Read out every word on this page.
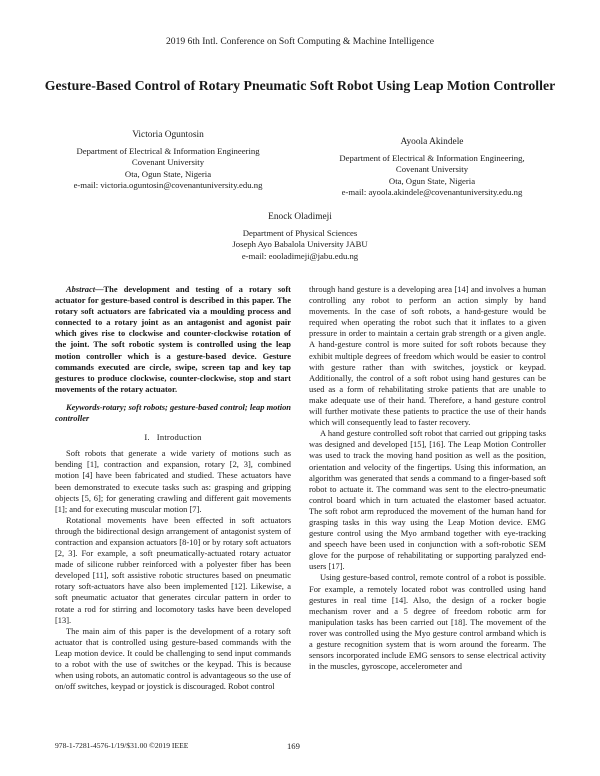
2019 6th Intl. Conference on Soft Computing & Machine Intelligence
Gesture-Based Control of Rotary Pneumatic Soft Robot Using Leap Motion Controller
Victoria Oguntosin
Department of Electrical & Information Engineering
Covenant University
Ota, Ogun State, Nigeria
e-mail: victoria.oguntosin@covenantuniversity.edu.ng
Ayoola Akindele
Department of Electrical & Information Engineering,
Covenant University
Ota, Ogun State, Nigeria
e-mail: ayoola.akindele@covenantuniversity.edu.ng
Enock Oladimeji
Department of Physical Sciences
Joseph Ayo Babalola University JABU
e-mail: eooladimeji@jabu.edu.ng

Abstract—The development and testing of a rotary soft actuator for gesture-based control is described in this paper. The rotary soft actuators are fabricated via a moulding process and connected to a rotary joint as an antagonist and agonist pair which gives rise to clockwise and counter-clockwise rotation of the joint. The soft robotic system is controlled using the leap motion controller which is a gesture-based device. Gesture commands executed are circle, swipe, screen tap and key tap gestures to produce clockwise, counter-clockwise, stop and start movements of the rotary actuator.

Keywords-rotary; soft robots; gesture-based control; leap motion controller

I. Introduction

Soft robots that generate a wide variety of motions such as bending [1], contraction and expansion, rotary [2, 3], combined motion [4] have been fabricated and studied. These actuators have been demonstrated to execute tasks such as: grasping and gripping objects [5, 6]; for generating crawling and different gait movements [1]; and for executing muscular motion [7].

Rotational movements have been effected in soft actuators through the bidirectional design arrangement of antagonist system of contraction and expansion actuators [8-10] or by rotary soft actuators [2, 3]. For example, a soft pneumatically-actuated rotary actuator made of silicone rubber reinforced with a polyester fiber has been developed [11], soft assistive robotic structures based on pneumatic rotary soft-actuators have also been implemented [12]. Likewise, a soft pneumatic actuator that generates circular pattern in order to rotate a rod for stirring and locomotory tasks have been developed [13].

The main aim of this paper is the development of a rotary soft actuator that is controlled using gesture-based commands with the Leap motion device. It could be challenging to send input commands to a robot with the use of switches or the keypad. This is because when using robots, an automatic control is advantageous so the use of on/off switches, keypad or joystick is discouraged. Robot control

through hand gesture is a developing area [14] and involves a human controlling any robot to perform an action simply by hand movements. In the case of soft robots, a hand-gesture would be required when operating the robot such that it inflates to a given pressure in order to maintain a certain grab strength or a given angle. A hand-gesture control is more suited for soft robots because they exhibit multiple degrees of freedom which would be easier to control with gesture rather than with switches, joystick or keypad. Additionally, the control of a soft robot using hand gestures can be used as a form of rehabilitating stroke patients that are unable to make adequate use of their hand. Therefore, a hand gesture control will further motivate these patients to practice the use of their hands which will consequently lead to faster recovery.

A hand gesture controlled soft robot that carried out gripping tasks was designed and developed [15], [16]. The Leap Motion Controller was used to track the moving hand position as well as the position, orientation and velocity of the fingertips. Using this information, an algorithm was generated that sends a command to a finger-based soft robot to actuate it. The command was sent to the electro-pneumatic control board which in turn actuated the elastomer based actuator. The soft robot arm reproduced the movement of the human hand for grasping tasks in this way using the Leap Motion device. EMG gesture control using the Myo armband together with eye-tracking and speech have been used in conjunction with a soft-robotic SEM glove for the purpose of rehabilitating or supporting paralyzed end-users [17].

Using gesture-based control, remote control of a robot is possible. For example, a remotely located robot was controlled using hand gestures in real time [14]. Also, the design of a rocker bogie mechanism rover and a 5 degree of freedom robotic arm for manipulation tasks has been carried out [18]. The movement of the rover was controlled using the Myo gesture control armband which is a gesture recognition system that is worn around the forearm. The sensors incorporated include EMG sensors to sense electrical activity in the muscles, gyroscope, accelerometer and

978-1-7281-4576-1/19/$31.00 ©2019 IEEE	169
